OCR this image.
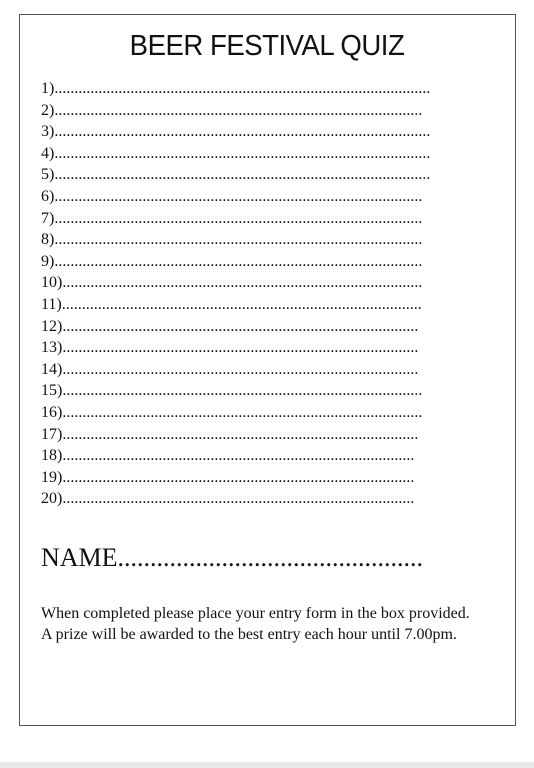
BEER FESTIVAL QUIZ
1)..............................................................................................
2)............................................................................................
3)..............................................................................................
4)..............................................................................................
5)..............................................................................................
6)............................................................................................
7)............................................................................................
8)............................................................................................
9)............................................................................................
10)..........................................................................................
11)..........................................................................................
12).........................................................................................
13).........................................................................................
14).........................................................................................
15)..........................................................................................
16)..........................................................................................
17).........................................................................................
18)........................................................................................
19)........................................................................................
20)........................................................................................
NAME...............................................

When completed please place your entry form in the box provided. A prize will be awarded to the best entry each hour until 7.00pm.
